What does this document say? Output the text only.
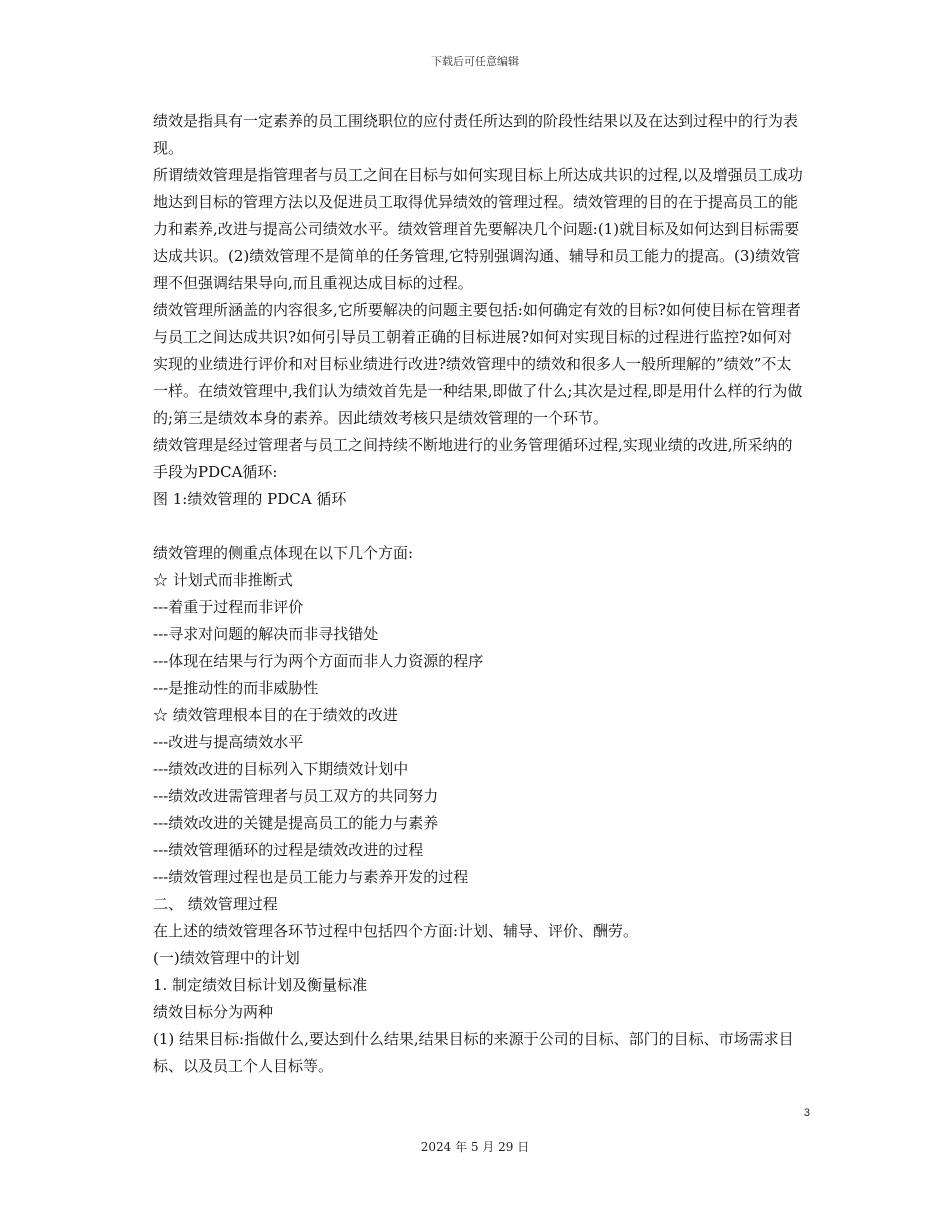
下载后可任意编辑

绩效是指具有一定素养的员工围绕职位的应付责任所达到的阶段性结果以及在达到过程中的行为表现。

所谓绩效管理是指管理者与员工之间在目标与如何实现目标上所达成共识的过程,以及增强员工成功地达到目标的管理方法以及促进员工取得优异绩效的管理过程。绩效管理的目的在于提高员工的能力和素养,改进与提高公司绩效水平。绩效管理首先要解决几个问题:(1)就目标及如何达到目标需要达成共识。(2)绩效管理不是简单的任务管理,它特别强调沟通、辅导和员工能力的提高。(3)绩效管理不但强调结果导向,而且重视达成目标的过程。

绩效管理所涵盖的内容很多,它所要解决的问题主要包括:如何确定有效的目标?如何使目标在管理者与员工之间达成共识?如何引导员工朝着正确的目标进展?如何对实现目标的过程进行监控?如何对实现的业绩进行评价和对目标业绩进行改进?绩效管理中的绩效和很多人一般所理解的”绩效”不太一样。在绩效管理中,我们认为绩效首先是一种结果,即做了什么;其次是过程,即是用什么样的行为做的;第三是绩效本身的素养。因此绩效考核只是绩效管理的一个环节。

绩效管理是经过管理者与员工之间持续不断地进行的业务管理循环过程,实现业绩的改进,所采纳的手段为PDCA循环:

图 1:绩效管理的 PDCA 循环

绩效管理的侧重点体现在以下几个方面:

☆ 计划式而非推断式

---着重于过程而非评价

---寻求对问题的解决而非寻找错处

---体现在结果与行为两个方面而非人力资源的程序

---是推动性的而非威胁性

☆ 绩效管理根本目的在于绩效的改进

---改进与提高绩效水平

---绩效改进的目标列入下期绩效计划中

---绩效改进需管理者与员工双方的共同努力

---绩效改进的关键是提高员工的能力与素养

---绩效管理循环的过程是绩效改进的过程

---绩效管理过程也是员工能力与素养开发的过程

二、 绩效管理过程

在上述的绩效管理各环节过程中包括四个方面:计划、辅导、评价、酬劳。

(一)绩效管理中的计划

1. 制定绩效目标计划及衡量标准

绩效目标分为两种

(1) 结果目标:指做什么,要达到什么结果,结果目标的来源于公司的目标、部门的目标、市场需求目标、以及员工个人目标等。

3
2024 年 5 月 29 日
